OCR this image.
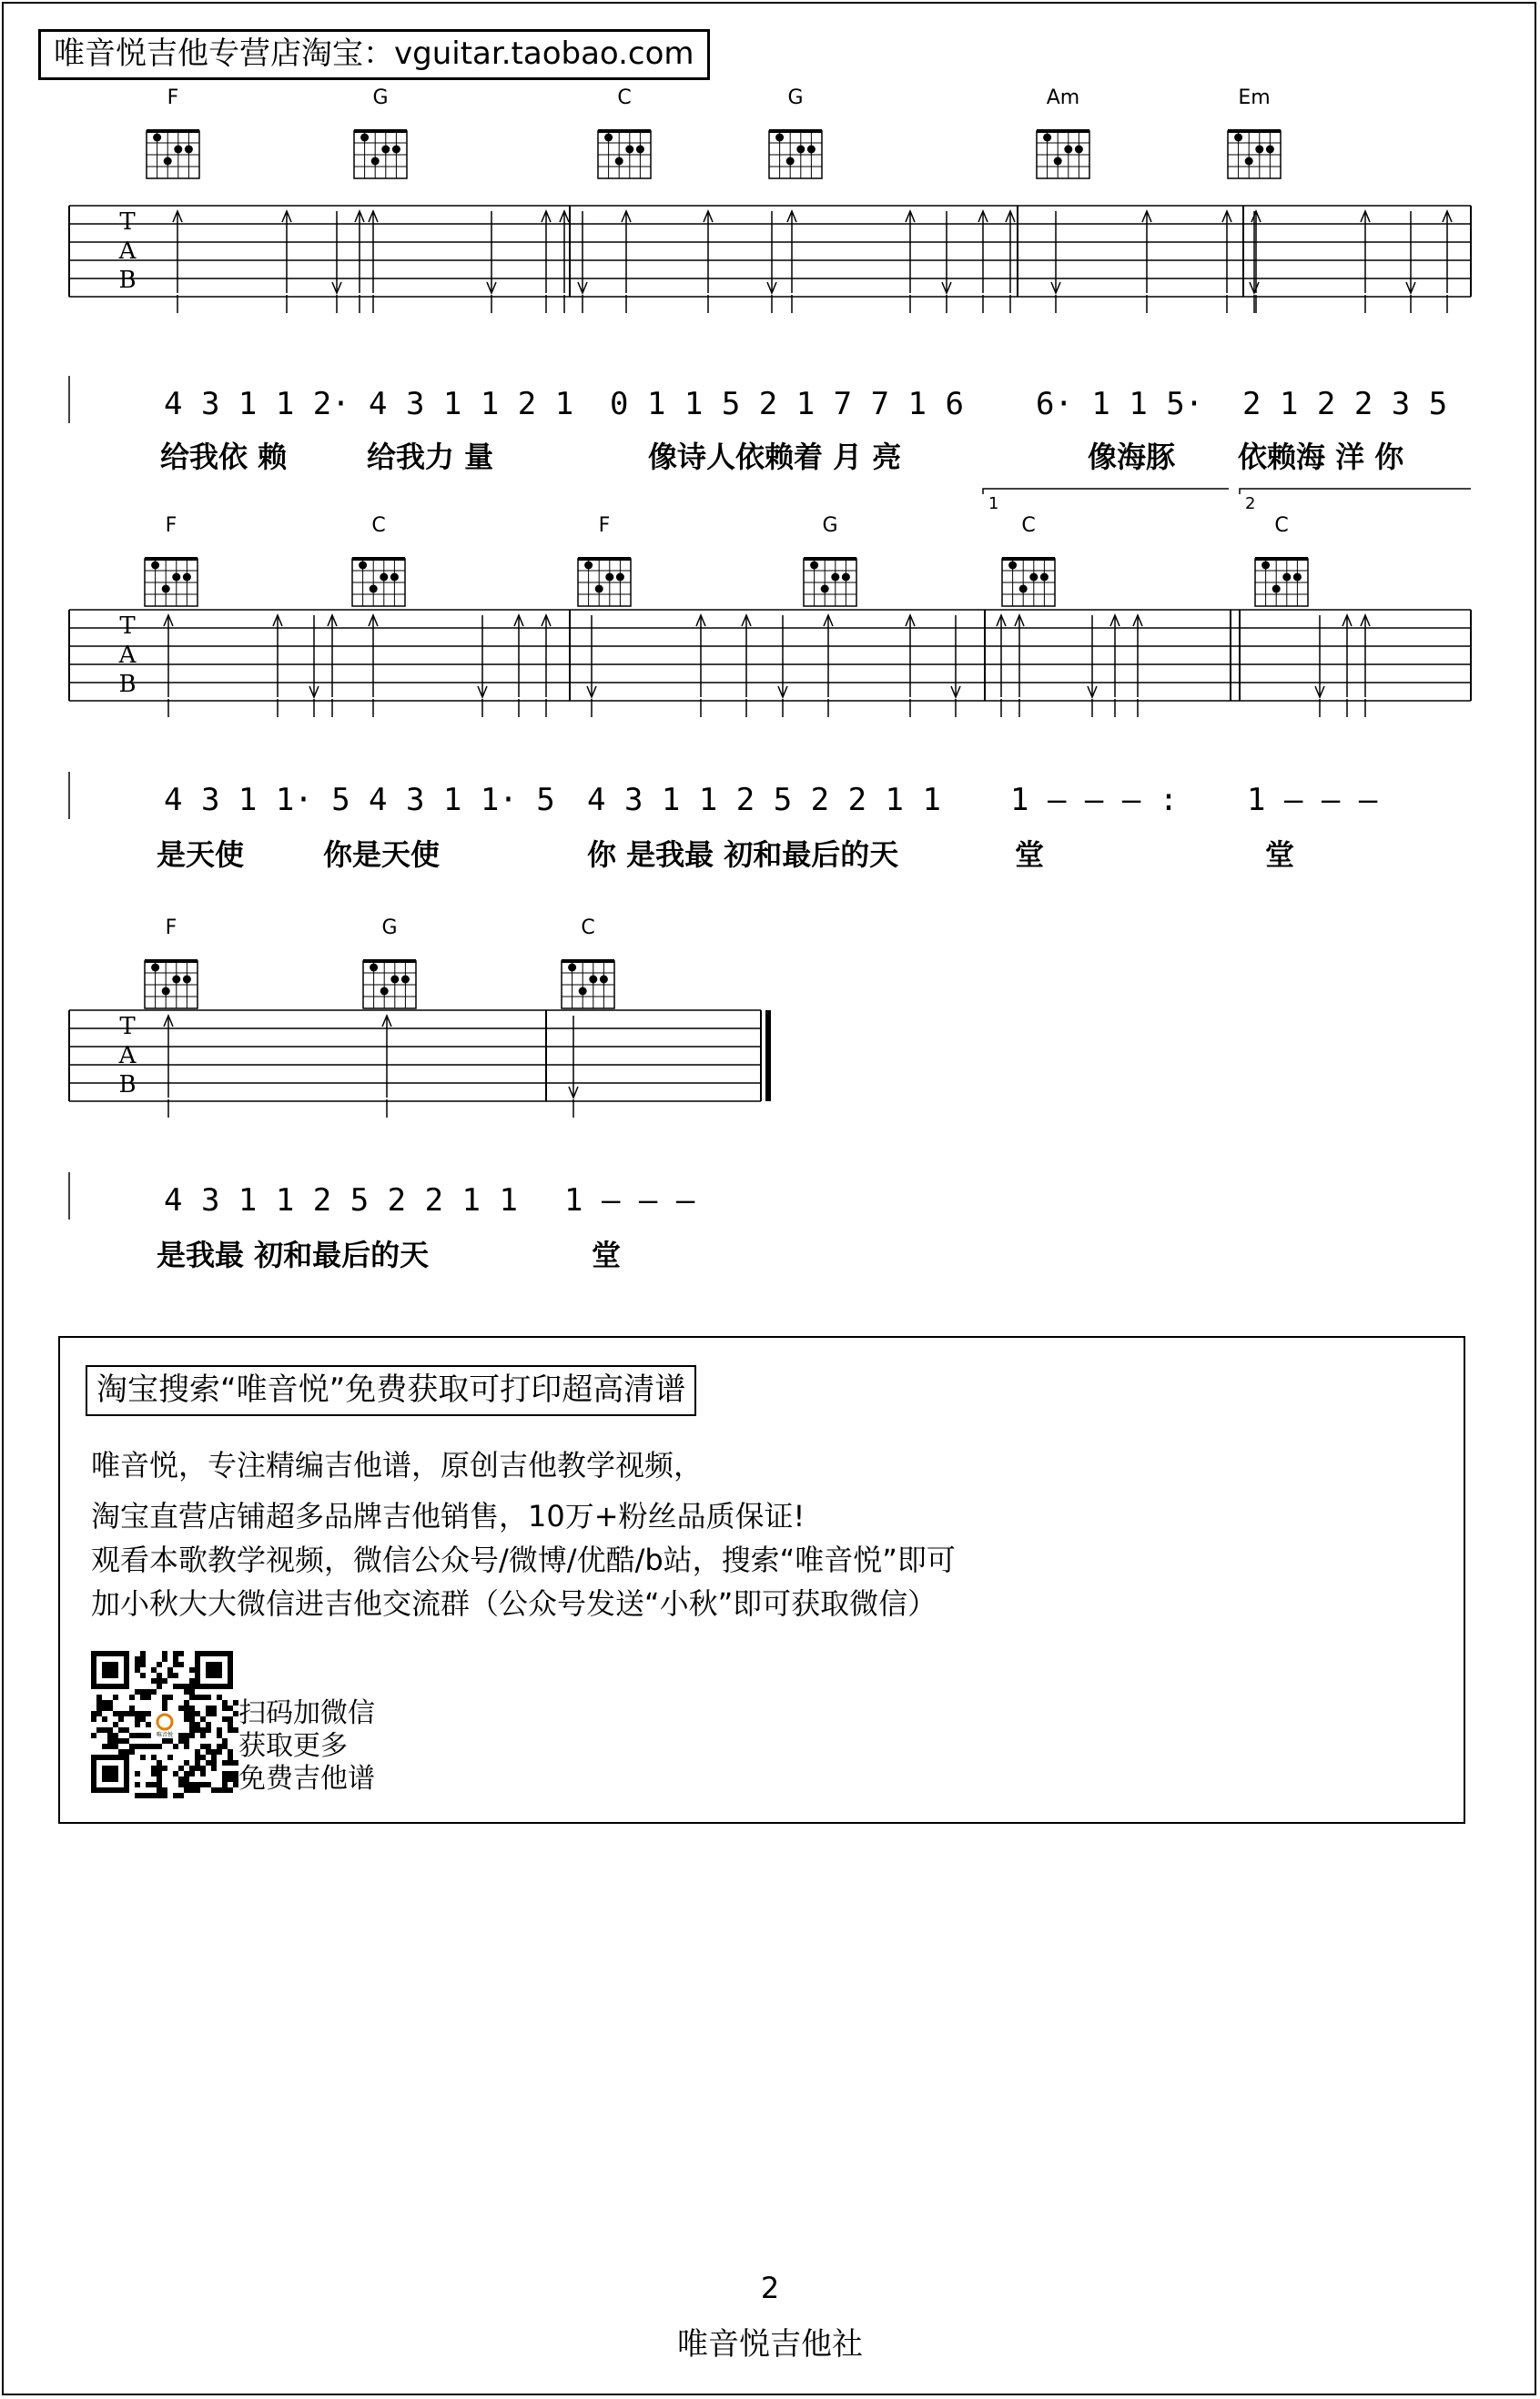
唯音悦吉他专营店淘宝：vguitar.taobao.com
F	G	C	G	Am	Em
F	C	F	G	C	C
F	G	C
T
A
B
T
A
B
T
A
B
4 3 1 1 2· 4 3 1 1 2 1 0 1 1 5 2 1 7 7 1 6 6· 1 1 5· 2 1 2 2 3 5
给我依 赖	给我力 量	像诗人依赖着 月 亮	像海豚 依赖海 洋 你
1	2
4 3 1 1· 5 4 3 1 1· 5 4 3 1 1 2 5 2 2 1 1 1 – – – : 1 – – –
是天使	你是天使	你 是我最 初和最后的天	堂	堂
4 3 1 1 2 5 2 2 1 1 1 – – –
是我最 初和最后的天	堂
淘宝搜索“唯音悦”免费获取可打印超高清谱
唯音悦，专注精编吉他谱，原创吉他教学视频，
淘宝直营店铺超多品牌吉他销售，10万+粉丝品质保证!
观看本歌教学视频，微信公众号/微博/优酷/b站，搜索“唯音悦”即可
加小秋大大微信进吉他交流群（公众号发送“小秋”即可获取微信）
唯音悦
扫码加微信
获取更多
免费吉他谱
2
唯音悦吉他社
